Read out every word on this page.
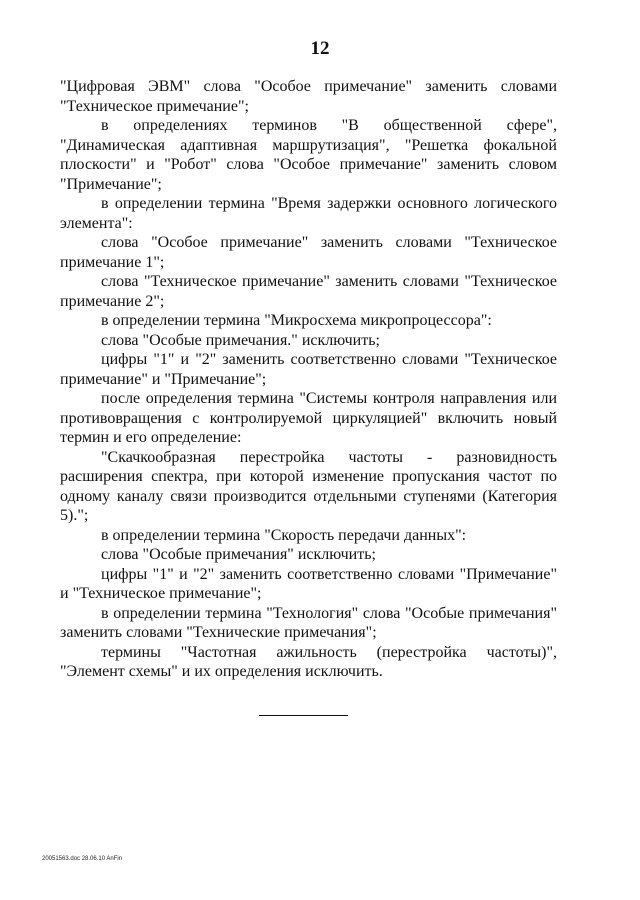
12

"Цифровая ЭВМ" слова "Особое примечание" заменить словами "Техническое примечание";

в определениях терминов "В общественной сфере", "Динамическая адаптивная маршрутизация", "Решетка фокальной плоскости" и "Робот" слова "Особое примечание" заменить словом "Примечание";

в определении термина "Время задержки основного логического элемента":

слова "Особое примечание" заменить словами "Техническое примечание 1";

слова "Техническое примечание" заменить словами "Техническое примечание 2";

в определении термина "Микросхема микропроцессора":

слова "Особые примечания." исключить;

цифры "1" и "2" заменить соответственно словами "Техническое примечание" и "Примечание";

после определения термина "Системы контроля направления или противовращения с контролируемой циркуляцией" включить новый термин и его определение:

"Скачкообразная перестройка частоты - разновидность расширения спектра, при которой изменение пропускания частот по одному каналу связи производится отдельными ступенями (Категория 5).";

в определении термина "Скорость передачи данных":

слова "Особые примечания" исключить;

цифры "1" и "2" заменить соответственно словами "Примечание" и "Техническое примечание";

в определении термина "Технология" слова "Особые примечания" заменить словами "Технические примечания";

термины "Частотная ажильность (перестройка частоты)", "Элемент схемы" и их определения исключить.

20051563.doc 28.06.10 AnFin
